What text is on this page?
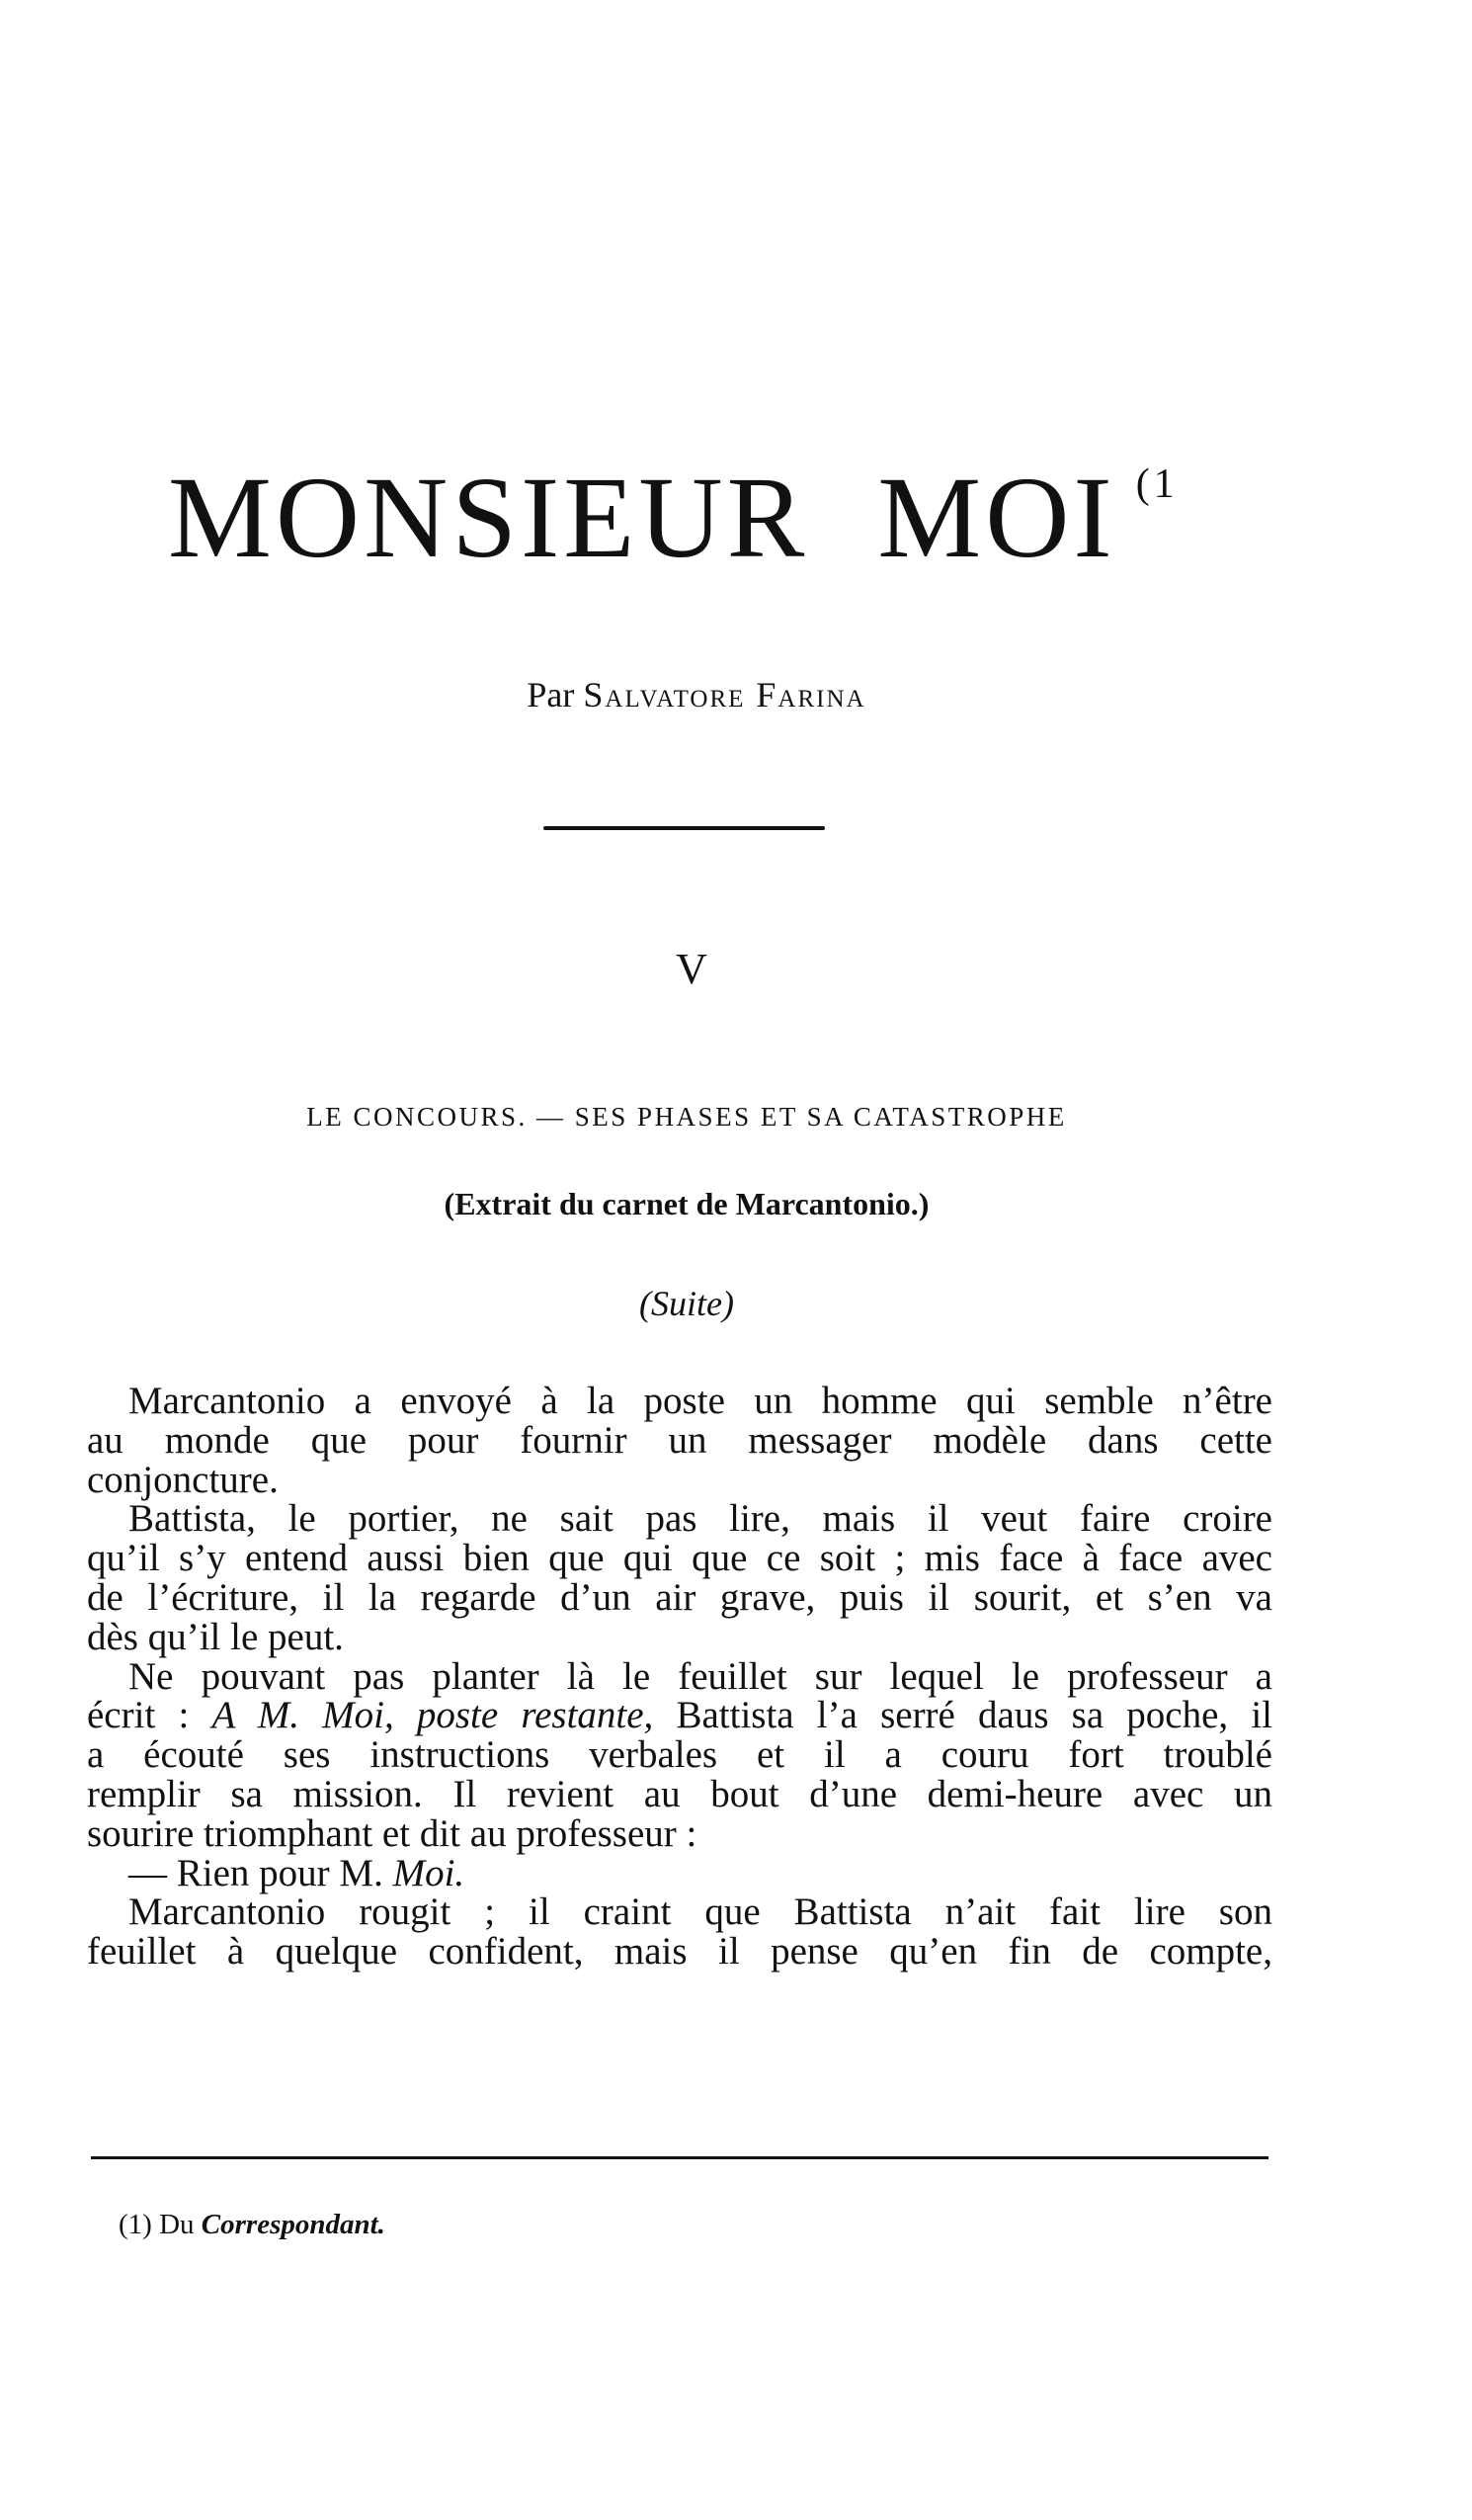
MONSIEUR MOI $^{(1}$

Par Salvatore Farina

V

LE CONCOURS. — SES PHASES ET SA CATASTROPHE

(Extrait du carnet de Marcantonio.)

(Suite)

Marcantonio a envoyé à la poste un homme qui semble n’être
au monde que pour fournir un messager modèle dans cette
conjoncture.
Battista, le portier, ne sait pas lire, mais il veut faire croire
qu’il s’y entend aussi bien que qui que ce soit ; mis face à face avec
de l’écriture, il la regarde d’un air grave, puis il sourit, et s’en va
dès qu’il le peut.
Ne pouvant pas planter là le feuillet sur lequel le professeur a
écrit : A M. Moi, poste restante, Battista l’a serré daus sa poche, il
a écouté ses instructions verbales et il a couru fort troublé
remplir sa mission. Il revient au bout d’une demi-heure avec un
sourire triomphant et dit au professeur :
— Rien pour M. Moi.
Marcantonio rougit ; il craint que Battista n’ait fait lire son
feuillet à quelque confident, mais il pense qu’en fin de compte,
(1) Du Correspondant.
